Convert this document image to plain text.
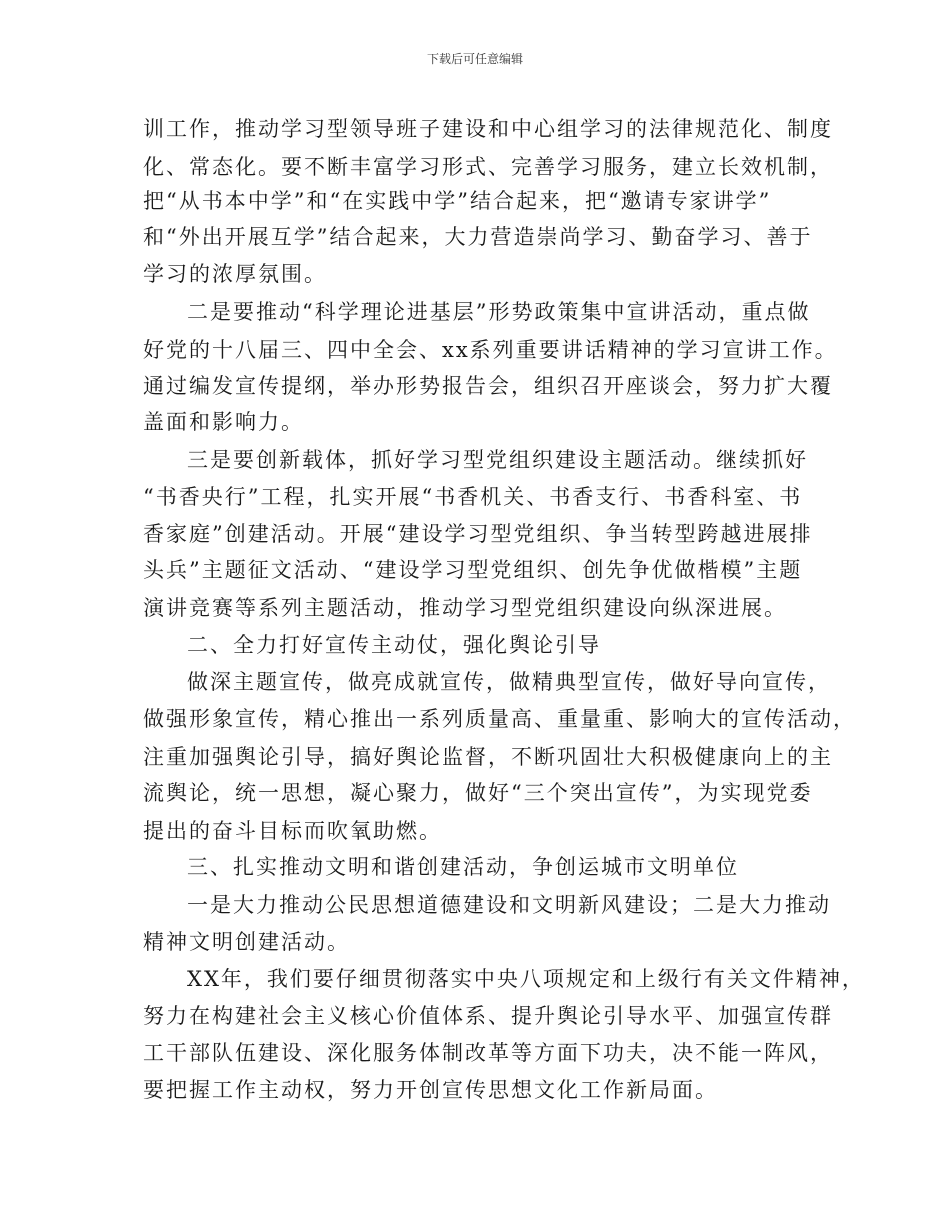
下载后可任意编辑
训工作，推动学习型领导班子建设和中心组学习的法律规范化、制度
化、常态化。要不断丰富学习形式、完善学习服务，建立长效机制，
把“从书本中学”和“在实践中学”结合起来，把“邀请专家讲学”
和“外出开展互学”结合起来，大力营造崇尚学习、勤奋学习、善于
学习的浓厚氛围。
二是要推动“科学理论进基层”形势政策集中宣讲活动，重点做
好党的十八届三、四中全会、xx系列重要讲话精神的学习宣讲工作。
通过编发宣传提纲，举办形势报告会，组织召开座谈会，努力扩大覆
盖面和影响力。
三是要创新载体，抓好学习型党组织建设主题活动。继续抓好
“书香央行”工程，扎实开展“书香机关、书香支行、书香科室、书
香家庭”创建活动。开展“建设学习型党组织、争当转型跨越进展排
头兵”主题征文活动、“建设学习型党组织、创先争优做楷模”主题
演讲竞赛等系列主题活动，推动学习型党组织建设向纵深进展。
二、全力打好宣传主动仗，强化舆论引导
做深主题宣传，做亮成就宣传，做精典型宣传，做好导向宣传，
做强形象宣传，精心推出一系列质量高、重量重、影响大的宣传活动，
注重加强舆论引导，搞好舆论监督，不断巩固壮大积极健康向上的主
流舆论，统一思想，凝心聚力，做好“三个突出宣传”，为实现党委
提出的奋斗目标而吹氧助燃。
三、扎实推动文明和谐创建活动，争创运城市文明单位
一是大力推动公民思想道德建设和文明新风建设；二是大力推动
精神文明创建活动。
XX年，我们要仔细贯彻落实中央八项规定和上级行有关文件精神，
努力在构建社会主义核心价值体系、提升舆论引导水平、加强宣传群
工干部队伍建设、深化服务体制改革等方面下功夫，决不能一阵风，
要把握工作主动权，努力开创宣传思想文化工作新局面。
